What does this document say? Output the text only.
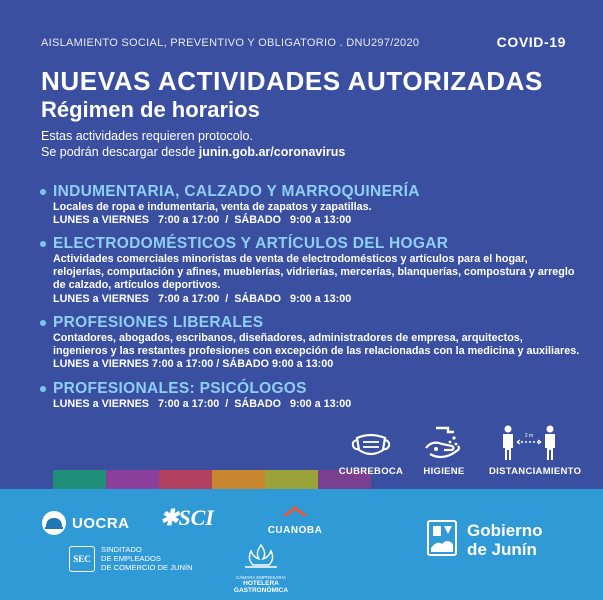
AISLAMIENTO SOCIAL, PREVENTIVO Y OBLIGATORIO . DNU297/2020	COVID-19
NUEVAS ACTIVIDADES AUTORIZADAS
Régimen de horarios
Estas actividades requieren protocolo.
Se podrán descargar desde junin.gob.ar/coronavirus
INDUMENTARIA, CALZADO Y MARROQUINERÍA
Locales de ropa e indumentaria, venta de zapatos y zapatillas.
LUNES a VIERNES   7:00 a 17:00  /  SÁBADO   9:00 a 13:00
ELECTRODOMÉSTICOS Y ARTÍCULOS DEL HOGAR
Actividades comerciales minoristas de venta de electrodomésticos y artículos para el hogar, relojerías, computación y afines, mueblerías, vidrierías, mercerías, blanquerías, compostura y arreglo de calzado, artículos deportivos.
LUNES a VIERNES   7:00 a 17:00  /  SÁBADO   9:00 a 13:00
PROFESIONES LIBERALES
Contadores, abogados, escribanos, diseñadores, administradores de empresa, arquitectos, ingenieros y las restantes profesiones con excepción de las relacionadas con la medicina y auxiliares. LUNES a VIERNES 7:00 a 17:00 / SÁBADO 9:00 a 13:00
PROFESIONALES: PSICÓLOGOS
LUNES a VIERNES   7:00 a 17:00  /  SÁBADO   9:00 a 13:00
CUBREBOCA	HIGIENE
2 m
DISTANCIAMIENTO
UOCRA ✱SCI
CUANOBA
SEC
SINDITADO
DE EMPLEADOS
DE COMERCIO DE JUNÍN
CÁMARA EMPRESARIA
HOTELERA
GASTRONÓMICA
Gobierno
de Junín
